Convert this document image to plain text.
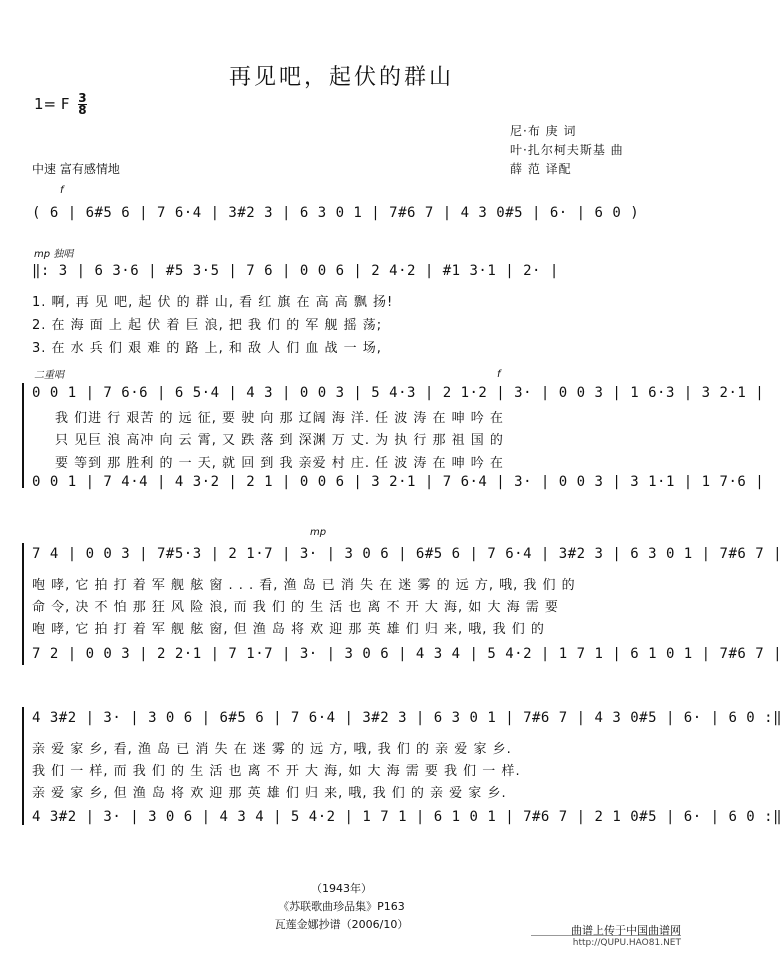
再见吧，起伏的群山
1= F $\frac{3}{8}$
尼·布 庚 词
叶·扎尔柯夫斯基 曲
薛 范 译配
中速 富有感情地
f
( 6 | 6#5 6 | 7 6·4 | 3#2 3 | 6 3 0 1 | 7#6 7 | 4 3 0#5 | 6· | 6 0 )
mp 独唱
‖: 3 | 6 3·6 | #5 3·5 | 7 6 | 0 0 6 | 2 4·2 | #1 3·1 | 2· |
1. 啊, 再 见 吧, 起 伏 的 群 山, 看 红 旗 在 高 高 飘 扬!
2. 在 海 面 上 起 伏 着 巨 浪, 把 我 们 的 军 舰 摇 荡;
3. 在 水 兵 们 艰 难 的 路 上, 和 敌 人 们 血 战 一 场,
二重唱	f
0 0 1 | 7 6·6 | 6 5·4 | 4 3 | 0 0 3 | 5 4·3 | 2 1·2 | 3· | 0 0 3 | 1 6·3 | 3 2·1 |
我 们进 行 艰苦 的 远 征, 要 驶 向 那 辽阔 海 洋. 任 波 涛 在 呻 吟 在
只 见巨 浪 高冲 向 云 霄, 又 跌 落 到 深渊 万 丈. 为 执 行 那 祖 国 的
要 等到 那 胜利 的 一 天, 就 回 到 我 亲爱 村 庄. 任 波 涛 在 呻 吟 在
0 0 1 | 7 4·4 | 4 3·2 | 2 1 | 0 0 6 | 3 2·1 | 7 6·4 | 3· | 0 0 3 | 3 1·1 | 1 7·6 |
mp
7 4 | 0 0 3 | 7#5·3 | 2 1·7 | 3· | 3 0 6 | 6#5 6 | 7 6·4 | 3#2 3 | 6 3 0 1 | 7#6 7 |
咆 哮, 它 拍 打 着 军 舰 舷 窗 . . . 看, 渔 岛 已 消 失 在 迷 雾 的 远 方, 哦, 我 们 的
命 令, 决 不 怕 那 狂 风 险 浪, 而 我 们 的 生 活 也 离 不 开 大 海, 如 大 海 需 要
咆 哮, 它 拍 打 着 军 舰 舷 窗, 但 渔 岛 将 欢 迎 那 英 雄 们 归 来, 哦, 我 们 的
7 2 | 0 0 3 | 2 2·1 | 7 1·7 | 3· | 3 0 6 | 4 3 4 | 5 4·2 | 1 7 1 | 6 1 0 1 | 7#6 7 |
4 3#2 | 3· | 3 0 6 | 6#5 6 | 7 6·4 | 3#2 3 | 6 3 0 1 | 7#6 7 | 4 3 0#5 | 6· | 6 0 :‖
亲 爱 家 乡, 看, 渔 岛 已 消 失 在 迷 雾 的 远 方, 哦, 我 们 的 亲 爱 家 乡.
我 们 一 样, 而 我 们 的 生 活 也 离 不 开 大 海, 如 大 海 需 要 我 们 一 样.
亲 爱 家 乡, 但 渔 岛 将 欢 迎 那 英 雄 们 归 来, 哦, 我 们 的 亲 爱 家 乡.
4 3#2 | 3· | 3 0 6 | 4 3 4 | 5 4·2 | 1 7 1 | 6 1 0 1 | 7#6 7 | 2 1 0#5 | 6· | 6 0 :‖
（1943年）
《苏联歌曲珍品集》P163
瓦莲金娜抄谱（2006/10）	曲谱上传于中国曲谱网
http://QUPU.HAO81.NET
